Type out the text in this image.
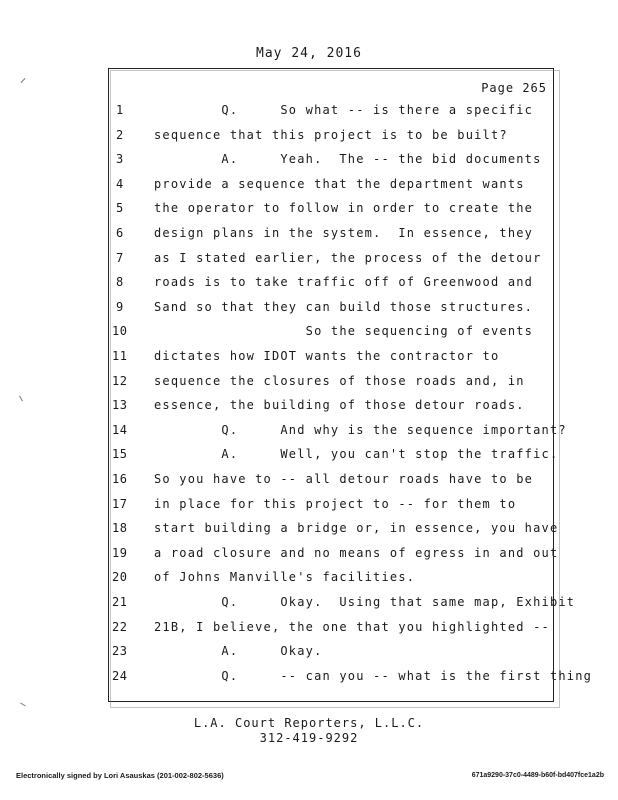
May 24, 2016
Page 265
1	Q.     So what -- is there a specific
2	sequence that this project is to be built?
3	A.     Yeah.  The -- the bid documents
4	provide a sequence that the department wants
5	the operator to follow in order to create the
6	design plans in the system.  In essence, they
7	as I stated earlier, the process of the detour
8	roads is to take traffic off of Greenwood and
9	Sand so that they can build those structures.
10	So the sequencing of events
11	dictates how IDOT wants the contractor to
12	sequence the closures of those roads and, in
13	essence, the building of those detour roads.
14	Q.     And why is the sequence important?
15	A.     Well, you can't stop the traffic.
16	So you have to -- all detour roads have to be
17	in place for this project to -- for them to
18	start building a bridge or, in essence, you have
19	a road closure and no means of egress in and out
20	of Johns Manville's facilities.
21	Q.     Okay.  Using that same map, Exhibit
22	21B, I believe, the one that you highlighted --
23	A.     Okay.
24	Q.     -- can you -- what is the first thing
L.A. Court Reporters, L.L.C.
312-419-9292
Electronically signed by Lori Asauskas (201-002-802-5636)	671a9290-37c0-4489-b60f-bd407fce1a2b
